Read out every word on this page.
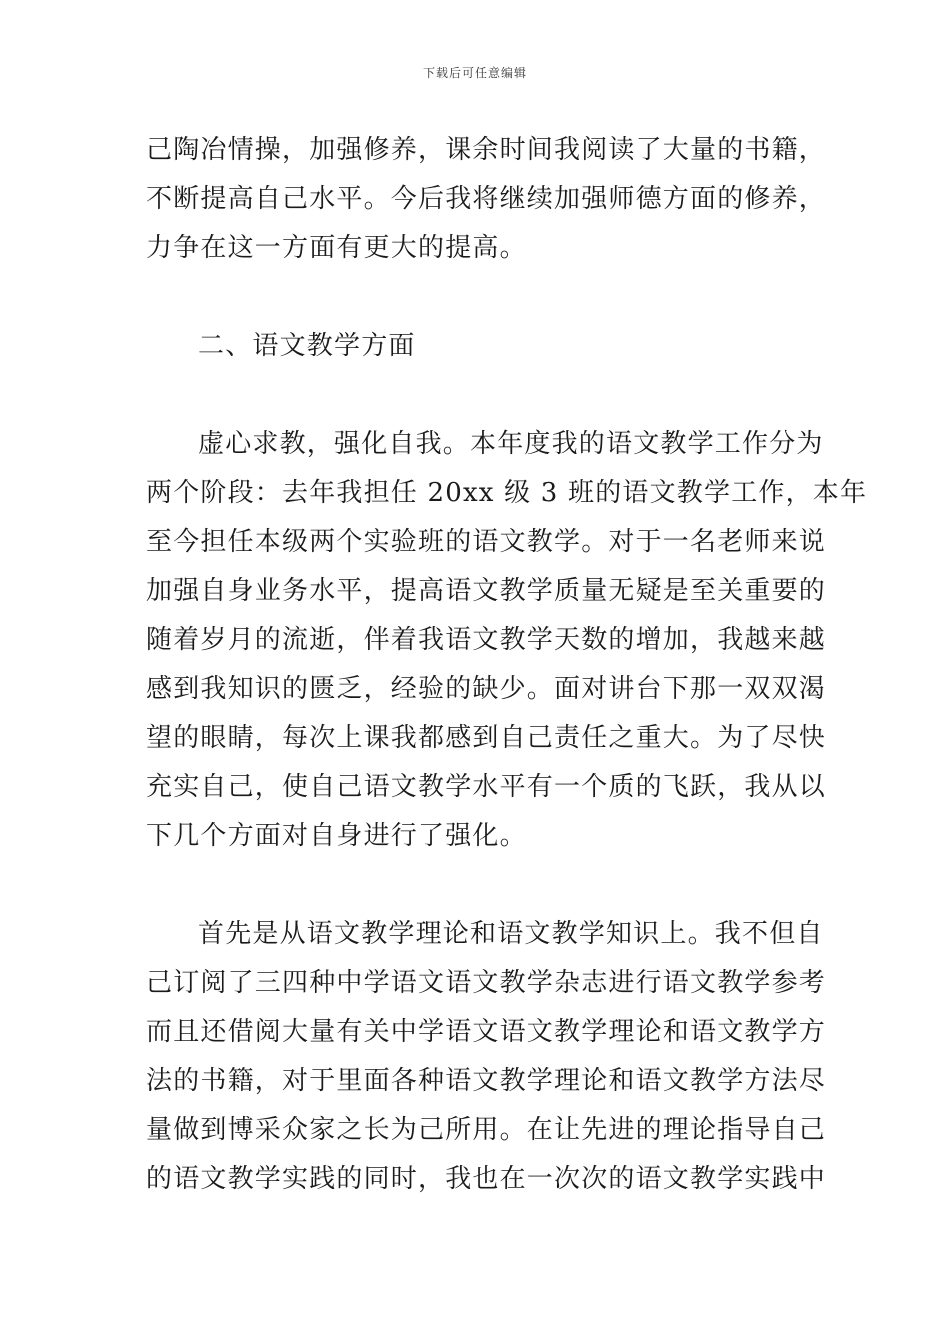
下载后可任意编辑

己陶冶情操，加强修养，课余时间我阅读了大量的书籍，
不断提高自己水平。今后我将继续加强师德方面的修养，
力争在这一方面有更大的提高。

二、语文教学方面

虚心求教，强化自我。本年度我的语文教学工作分为
两个阶段：去年我担任 20xx 级 3 班的语文教学工作，本年
至今担任本级两个实验班的语文教学。对于一名老师来说
加强自身业务水平，提高语文教学质量无疑是至关重要的
随着岁月的流逝，伴着我语文教学天数的增加，我越来越
感到我知识的匮乏，经验的缺少。面对讲台下那一双双渴
望的眼睛，每次上课我都感到自己责任之重大。为了尽快
充实自己，使自己语文教学水平有一个质的飞跃，我从以
下几个方面对自身进行了强化。

首先是从语文教学理论和语文教学知识上。我不但自
己订阅了三四种中学语文语文教学杂志进行语文教学参考
而且还借阅大量有关中学语文语文教学理论和语文教学方
法的书籍，对于里面各种语文教学理论和语文教学方法尽
量做到博采众家之长为己所用。在让先进的理论指导自己
的语文教学实践的同时，我也在一次次的语文教学实践中
